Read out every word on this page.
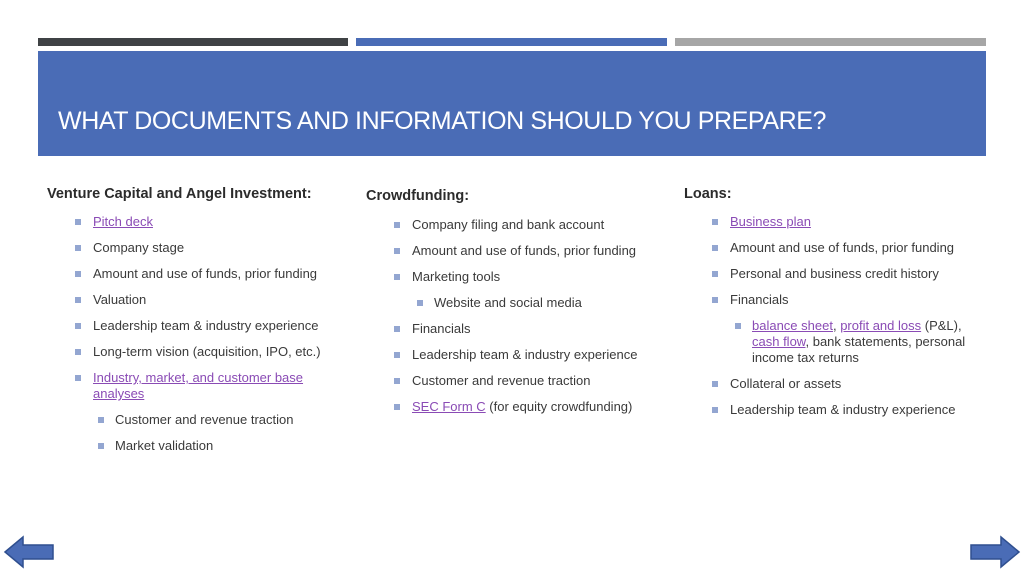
WHAT DOCUMENTS AND INFORMATION SHOULD YOU PREPARE?
Venture Capital and Angel Investment:
Pitch deck
Company stage
Amount and use of funds, prior funding
Valuation
Leadership team & industry experience
Long-term vision (acquisition, IPO, etc.)
Industry, market, and customer base analyses
Customer and revenue traction
Market validation
Crowdfunding:
Company filing and bank account
Amount and use of funds, prior funding
Marketing tools
Website and social media
Financials
Leadership team & industry experience
Customer and revenue traction
SEC Form C (for equity crowdfunding)
Loans:
Business plan
Amount and use of funds, prior funding
Personal and business credit history
Financials
balance sheet, profit and loss (P&L), cash flow, bank statements, personal income tax returns
Collateral or assets
Leadership team & industry experience
